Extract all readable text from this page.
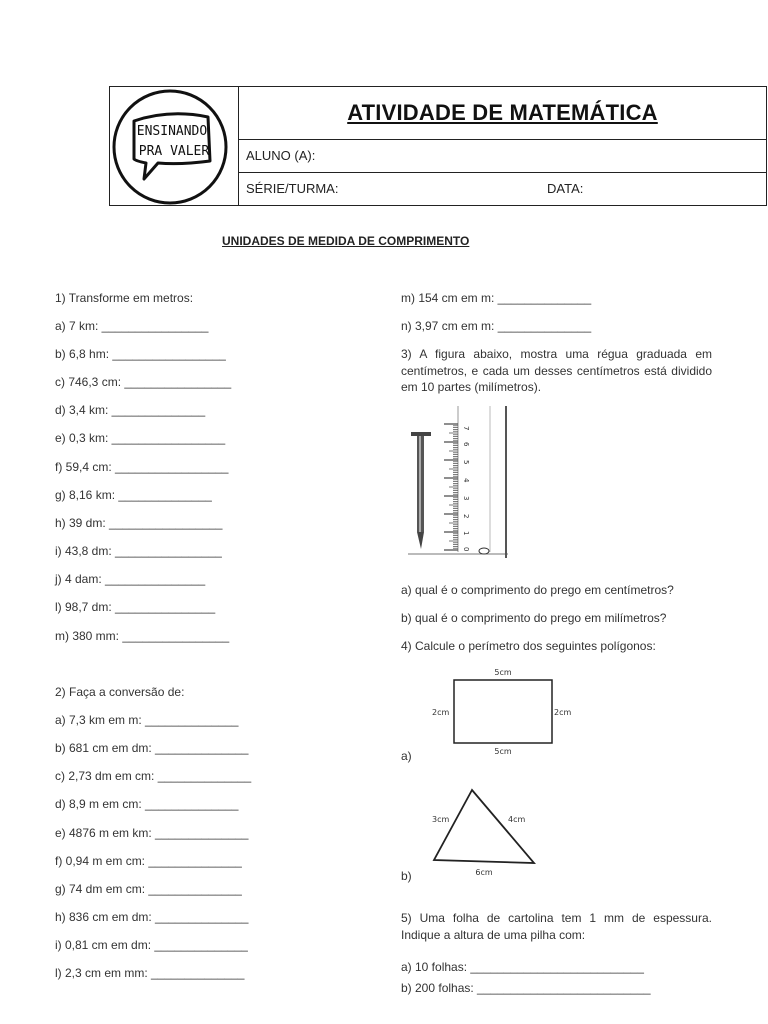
ENSINANDO
PRA VALER
ATIVIDADE DE MATEMÁTICA
ALUNO (A):
SÉRIE/TURMA:	DATA:
UNIDADES DE MEDIDA DE COMPRIMENTO
1) Transforme em metros:
a) 7 km: ________________
b) 6,8 hm: _________________
c) 746,3 cm: ________________
d) 3,4 km: ______________
e) 0,3 km: _________________
f) 59,4 cm: _________________
g) 8,16 km: ______________
h) 39 dm: _________________
i) 43,8 dm: ________________
j) 4 dam: _______________
l) 98,7 dm: _______________
m) 380 mm: ________________
2) Faça a conversão de:
a) 7,3 km em m: ______________
b) 681 cm em dm: ______________
c) 2,73 dm em cm: ______________
d) 8,9 m em cm: ______________
e) 4876 m em km: ______________
f) 0,94 m em cm: ______________
g) 74 dm em cm: ______________
h) 836 cm em dm: ______________
i) 0,81 cm em dm: ______________
l) 2,3 cm em mm: ______________
m) 154 cm em m: ______________
n) 3,97 cm em m: ______________
3) A figura abaixo, mostra uma régua graduada em centímetros, e cada um desses centímetros está dividido em 10 partes (milímetros).
7
6
5
4
3
2
1
0
a) qual é o comprimento do prego em centímetros?
b) qual é o comprimento do prego em milímetros?
4) Calcule o perímetro dos seguintes polígonos:
5cm
5cm
2cm	2cm
a)
3cm	4cm
6cm
b)
5) Uma folha de cartolina tem 1 mm de espessura. Indique a altura de uma pilha com:
a) 10 folhas: __________________________
b) 200 folhas: __________________________
